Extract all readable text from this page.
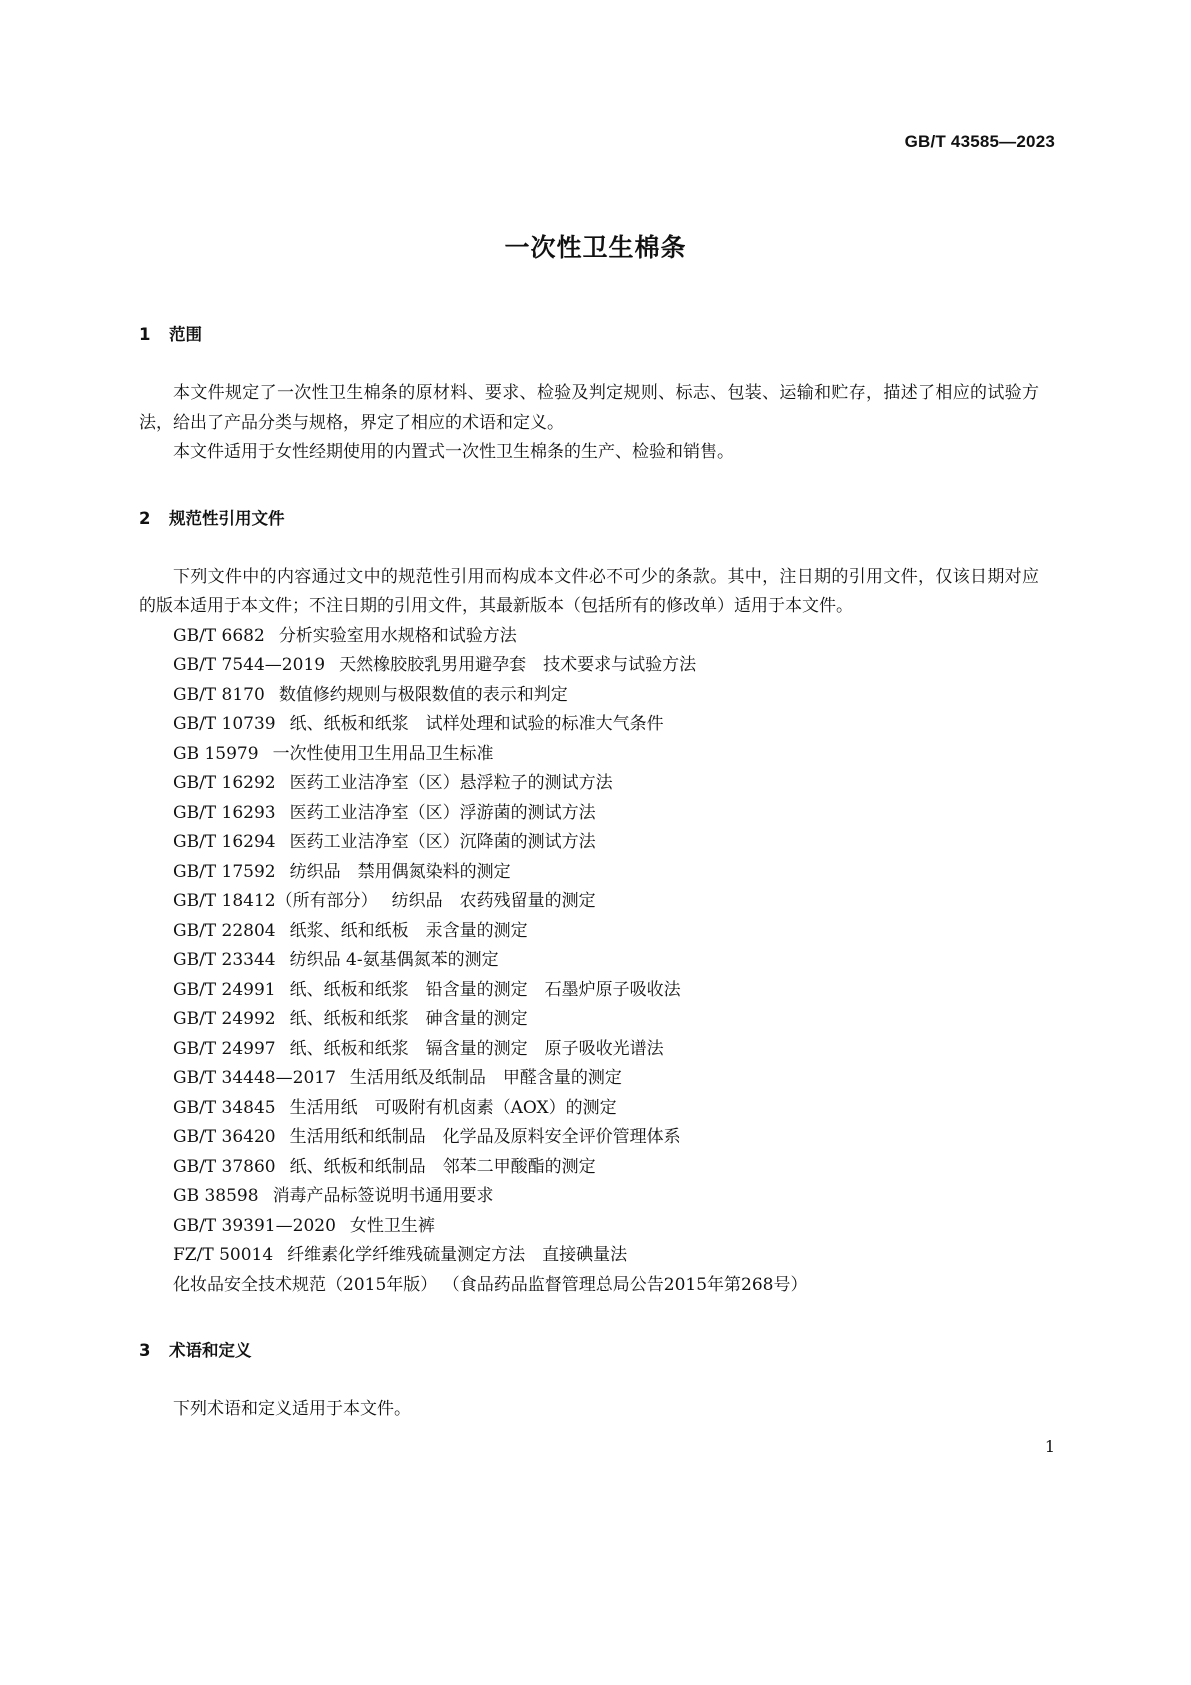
GB/T 43585—2023
一次性卫生棉条
1 范围

本文件规定了一次性卫生棉条的原材料、要求、检验及判定规则、标志、包装、运输和贮存，描述了相应的试验方法，给出了产品分类与规格，界定了相应的术语和定义。

本文件适用于女性经期使用的内置式一次性卫生棉条的生产、检验和销售。

2 规范性引用文件

下列文件中的内容通过文中的规范性引用而构成本文件必不可少的条款。其中，注日期的引用文件，仅该日期对应的版本适用于本文件；不注日期的引用文件，其最新版本（包括所有的修改单）适用于本文件。

GB/T 6682 分析实验室用水规格和试验方法
GB/T 7544—2019 天然橡胶胶乳男用避孕套　技术要求与试验方法
GB/T 8170 数值修约规则与极限数值的表示和判定
GB/T 10739 纸、纸板和纸浆　试样处理和试验的标准大气条件
GB 15979 一次性使用卫生用品卫生标准
GB/T 16292 医药工业洁净室（区）悬浮粒子的测试方法
GB/T 16293 医药工业洁净室（区）浮游菌的测试方法
GB/T 16294 医药工业洁净室（区）沉降菌的测试方法
GB/T 17592 纺织品　禁用偶氮染料的测定
GB/T 18412（所有部分） 纺织品　农药残留量的测定
GB/T 22804 纸浆、纸和纸板　汞含量的测定
GB/T 23344 纺织品 4-氨基偶氮苯的测定
GB/T 24991 纸、纸板和纸浆　铅含量的测定　石墨炉原子吸收法
GB/T 24992 纸、纸板和纸浆　砷含量的测定
GB/T 24997 纸、纸板和纸浆　镉含量的测定　原子吸收光谱法
GB/T 34448—2017 生活用纸及纸制品　甲醛含量的测定
GB/T 34845 生活用纸　可吸附有机卤素（AOX）的测定
GB/T 36420 生活用纸和纸制品　化学品及原料安全评价管理体系
GB/T 37860 纸、纸板和纸制品　邻苯二甲酸酯的测定
GB 38598 消毒产品标签说明书通用要求
GB/T 39391—2020 女性卫生裤
FZ/T 50014 纤维素化学纤维残硫量测定方法　直接碘量法
化妆品安全技术规范（2015年版） （食品药品监督管理总局公告2015年第268号）
3 术语和定义

下列术语和定义适用于本文件。

1
